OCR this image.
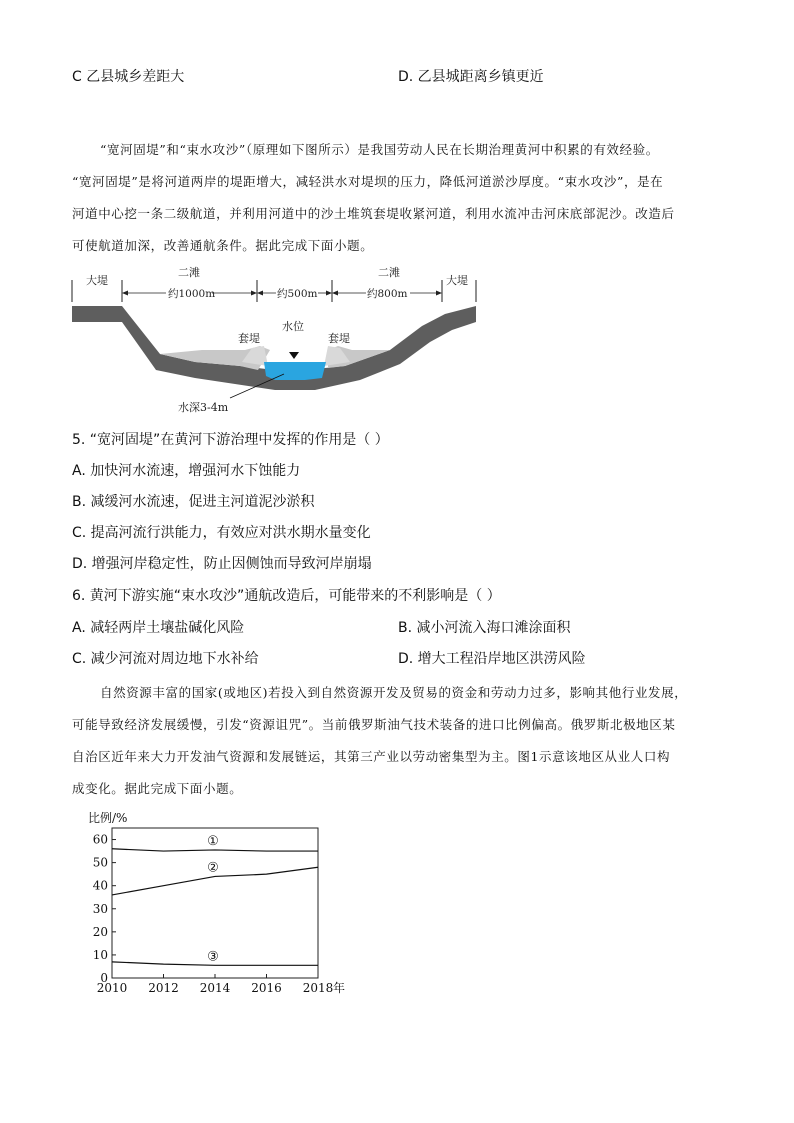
C 乙县城乡差距大	D. 乙县城距离乡镇更近

“宽河固堤”和“束水攻沙”（原理如下图所示）是我国劳动人民在长期治理黄河中积累的有效经验。

“宽河固堤”是将河道两岸的堤距增大，减轻洪水对堤坝的压力，降低河道淤沙厚度。“束水攻沙”，是在

河道中心挖一条二级航道，并利用河道中的沙土堆筑套堤收紧河道，利用水流冲击河床底部泥沙。改造后

可使航道加深，改善通航条件。据此完成下面小题。

大堤	大堤
二滩	二滩
约1000m	约500m	约800m
水位
套堤	套堤
水深3-4m
5. “宽河固堤”在黄河下游治理中发挥的作用是（ ）
A. 加快河水流速，增强河水下蚀能力
B. 减缓河水流速，促进主河道泥沙淤积
C. 提高河流行洪能力，有效应对洪水期水量变化
D. 增强河岸稳定性，防止因侧蚀而导致河岸崩塌
6. 黄河下游实施“束水攻沙”通航改造后，可能带来的不利影响是（ ）
A. 减轻两岸土壤盐碱化风险	B. 减小河流入海口滩涂面积
C. 减少河流对周边地下水补给	D. 增大工程沿岸地区洪涝风险

自然资源丰富的国家(或地区)若投入到自然资源开发及贸易的资金和劳动力过多，影响其他行业发展，

可能导致经济发展缓慢，引发“资源诅咒”。当前俄罗斯油气技术装备的进口比例偏高。俄罗斯北极地区某

自治区近年来大力开发油气资源和发展链运，其第三产业以劳动密集型为主。图1示意该地区从业人口构

成变化。据此完成下面小题。

比例/%
0
10
20
30
40
50
60
2010 2012 2014 2016 2018 年
①
②
③
